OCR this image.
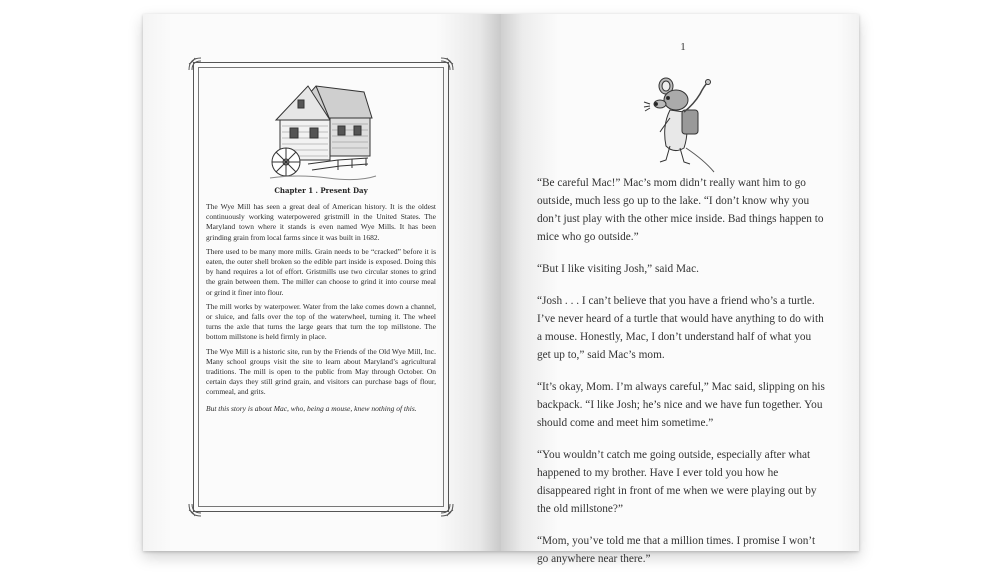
Chapter 1 . Present Day

The Wye Mill has seen a great deal of American history. It is the oldest continuously working waterpowered gristmill in the United States. The Maryland town where it stands is even named Wye Mills. It has been grinding grain from local farms since it was built in 1682.

There used to be many more mills. Grain needs to be “cracked” before it is eaten, the outer shell broken so the edible part inside is exposed. Doing this by hand requires a lot of effort. Gristmills use two circular stones to grind the grain between them. The miller can choose to grind it into course meal or grind it finer into flour.

The mill works by waterpower. Water from the lake comes down a channel, or sluice, and falls over the top of the waterwheel, turning it. The wheel turns the axle that turns the large gears that turn the top millstone. The bottom millstone is held firmly in place.

The Wye Mill is a historic site, run by the Friends of the Old Wye Mill, Inc. Many school groups visit the site to learn about Maryland’s agricultural traditions. The mill is open to the public from May through October. On certain days they still grind grain, and visitors can purchase bags of flour, cornmeal, and grits.

But this story is about Mac, who, being a mouse, knew nothing of this.

1

“Be careful Mac!” Mac’s mom didn’t really want him to go outside, much less go up to the lake. “I don’t know why you don’t just play with the other mice inside. Bad things happen to mice who go outside.”

“But I like visiting Josh,” said Mac.

“Josh . . . I can’t believe that you have a friend who’s a turtle. I’ve never heard of a turtle that would have anything to do with a mouse. Honestly, Mac, I don’t understand half of what you get up to,” said Mac’s mom.

“It’s okay, Mom. I’m always careful,” Mac said, slipping on his backpack. “I like Josh; he’s nice and we have fun together. You should come and meet him sometime.”

“You wouldn’t catch me going outside, especially after what happened to my brother. Have I ever told you how he disappeared right in front of me when we were playing out by the old millstone?”

“Mom, you’ve told me that a million times. I promise I won’t go anywhere near there.”
